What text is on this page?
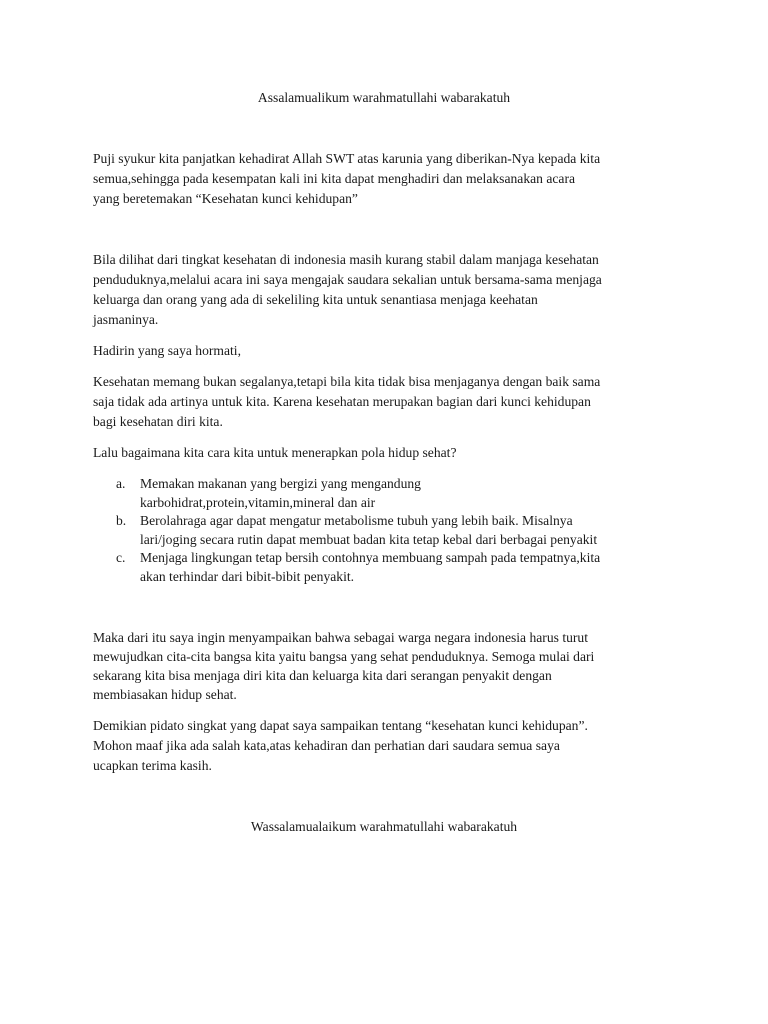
Assalamualikum warahmatullahi wabarakatuh
Puji syukur kita panjatkan kehadirat Allah SWT atas karunia yang diberikan-Nya kepada kita
semua,sehingga pada kesempatan kali ini kita dapat menghadiri dan melaksanakan acara
yang beretemakan “Kesehatan kunci kehidupan”
Bila dilihat dari tingkat kesehatan di indonesia masih kurang stabil dalam manjaga kesehatan
penduduknya,melalui acara ini saya mengajak saudara sekalian untuk bersama-sama menjaga
keluarga dan orang yang ada di sekeliling kita untuk senantiasa menjaga keehatan
jasmaninya.
Hadirin yang saya hormati,
Kesehatan memang bukan segalanya,tetapi bila kita tidak bisa menjaganya dengan baik sama
saja tidak ada artinya untuk kita. Karena kesehatan merupakan bagian dari kunci kehidupan
bagi kesehatan diri kita.
Lalu bagaimana kita cara kita untuk menerapkan pola hidup sehat?
a. Memakan makanan yang bergizi yang mengandung
karbohidrat,protein,vitamin,mineral dan air
b. Berolahraga agar dapat mengatur metabolisme tubuh yang lebih baik. Misalnya
lari/joging secara rutin dapat membuat badan kita tetap kebal dari berbagai penyakit
c. Menjaga lingkungan tetap bersih contohnya membuang sampah pada tempatnya,kita
akan terhindar dari bibit-bibit penyakit.
Maka dari itu saya ingin menyampaikan bahwa sebagai warga negara indonesia harus turut
mewujudkan cita-cita bangsa kita yaitu bangsa yang sehat penduduknya. Semoga mulai dari
sekarang kita bisa menjaga diri kita dan keluarga kita dari serangan penyakit dengan
membiasakan hidup sehat.
Demikian pidato singkat yang dapat saya sampaikan tentang “kesehatan kunci kehidupan”.
Mohon maaf jika ada salah kata,atas kehadiran dan perhatian dari saudara semua saya
ucapkan terima kasih.
Wassalamualaikum warahmatullahi wabarakatuh
